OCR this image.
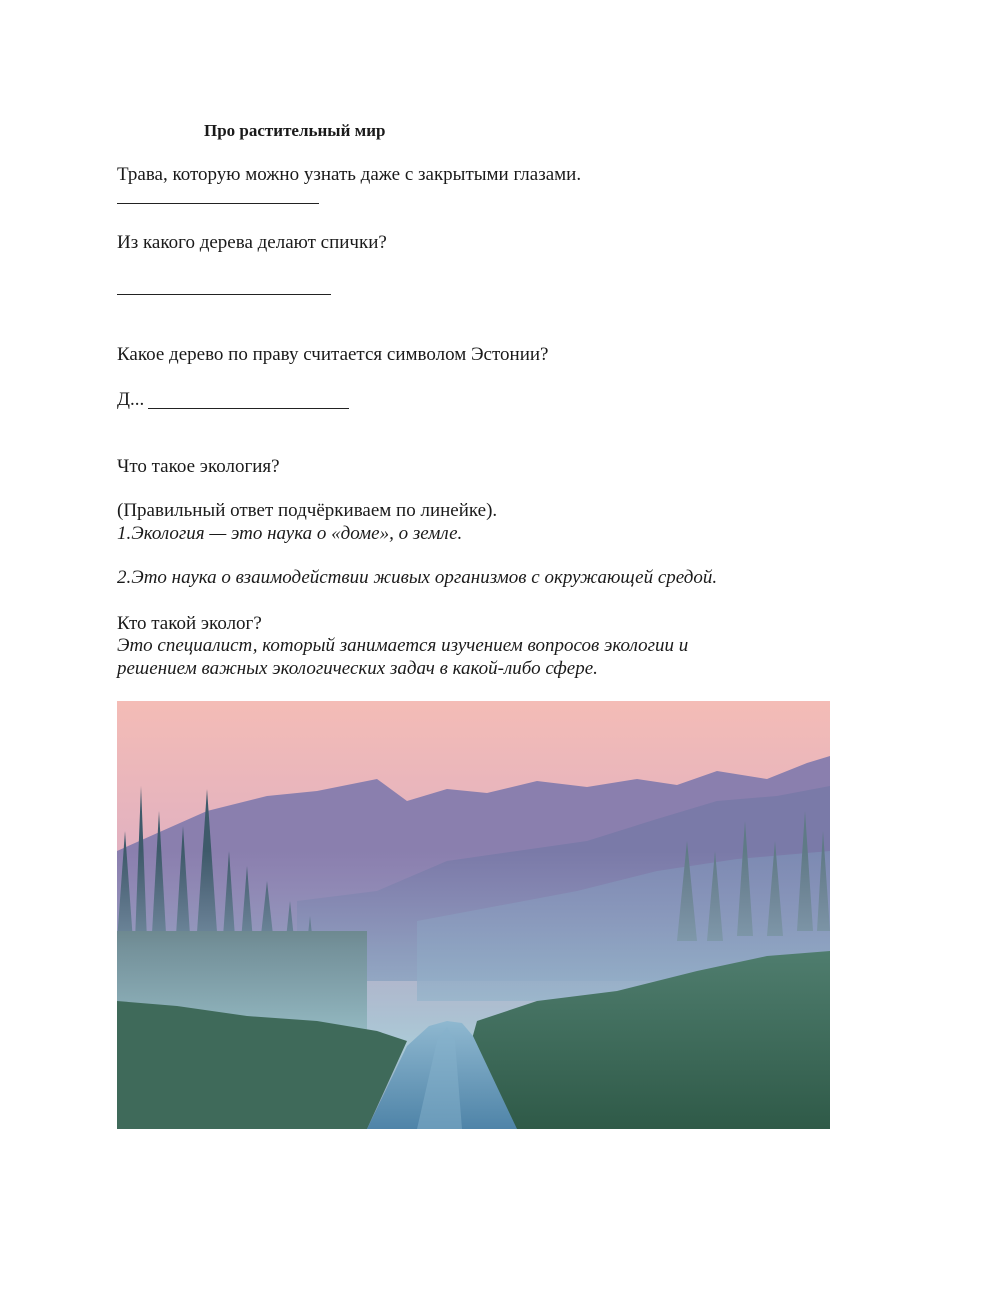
Про растительный мир
Трава, которую можно узнать даже с закрытыми глазами.
Из какого дерева делают спички?
Какое дерево по праву считается символом Эстонии?
Д...
Что такое экология?
(Правильный ответ подчёркиваем по линейке).
1.Экология — это наука о «доме», о земле.
2.Это наука о взаимодействии живых организмов с окружающей средой.
Кто такой эколог?
Это специалист, который занимается изучением вопросов экологии и
решением важных экологических задач в какой-либо сфере.
